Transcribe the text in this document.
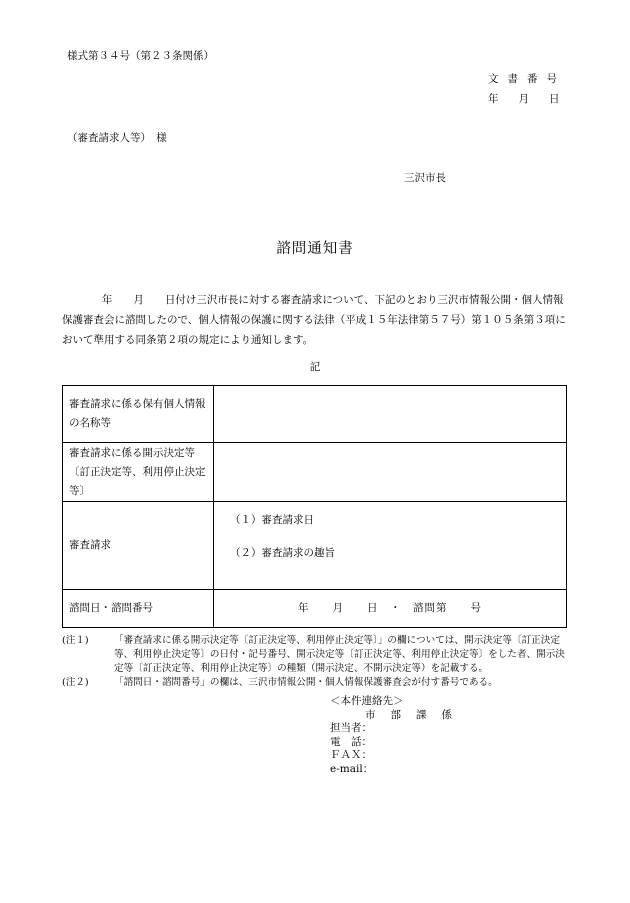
様式第３４号（第２３条関係）
文書番号
年月日
（審査請求人等）　様
三沢市長
諮問通知書

年　　月　　日付け三沢市長に対する審査請求について、下記のとおり三沢市情報公開・個人情報保護審査会に諮問したので、個人情報の保護に関する法律（平成１５年法律第５７号）第１０５条第３項において準用する同条第２項の規定により通知します。

記
審査請求に係る保有個人情報の名称等	
審査請求に係る開示決定等〔訂正決定等、利用停止決定等〕	
審査請求	（１）審査請求日
（２）審査請求の趣旨

諮問日・諮問番号	年　　月　　日　・　諮問第　　号
(注１)	「審査請求に係る開示決定等〔訂正決定等、利用停止決定等〕」の欄については、開示決定等〔訂正決定等、利用停止決定等〕の日付・記号番号、開示決定等〔訂正決定等、利用停止決定等〕をした者、開示決定等〔訂正決定等、利用停止決定等〕の種類（開示決定、不開示決定等）を記載する。
(注２)	「諮問日・諮問番号」の欄は、三沢市情報公開・個人情報保護審査会が付す番号である。
＜本件連絡先＞
市部課係
担当者：
電　話：
ＦＡＸ：
e-mail：
